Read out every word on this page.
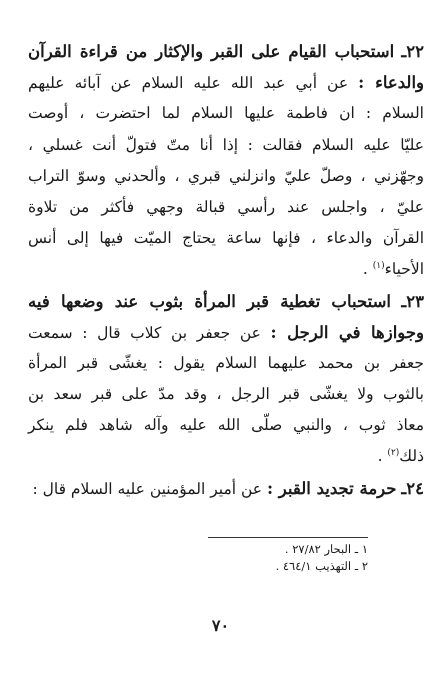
٢٢ـ استحباب القيام على القبر والإكثار من قراءة القرآن
والدعاء : عن أبي عبد الله عليه السلام عن آبائه عليهم
السلام : ان فاطمة عليها السلام لما احتضرت ، أوصت
عليّا عليه السلام فقالت : إذا أنا متّ فتولّ أنت غسلي ،
وجهّزني ، وصلّ عليّ وانزلني قبري ، وألحدني وسوّ التراب
عليّ ، واجلس عند رأسي قبالة وجهي فأكثر من تلاوة
القرآن والدعاء ، فإنها ساعة يحتاج الميّت فيها إلى أنس
الأحياء$^{(١)}$ .
٢٣ـ استحباب تغطية قبر المرأة بثوب عند وضعها فيه
وجوازها في الرجل : عن جعفر بن كلاب قال : سمعت
جعفر بن محمد عليهما السلام يقول : يغشّى قبر المرأة
بالثوب ولا يغشّى قبر الرجل ، وقد مدّ على قبر سعد بن
معاذ ثوب ، والنبي صلّى الله عليه وآله شاهد فلم ينكر
ذلك$^{(٢)}$ .
٢٤ـ حرمة تجديد القبر : عن أمير المؤمنين عليه السلام قال :
١ ـ البحار ٢٧/٨٢ .
٢ ـ التهذيب ٤٦٤/١ .
٧٠
